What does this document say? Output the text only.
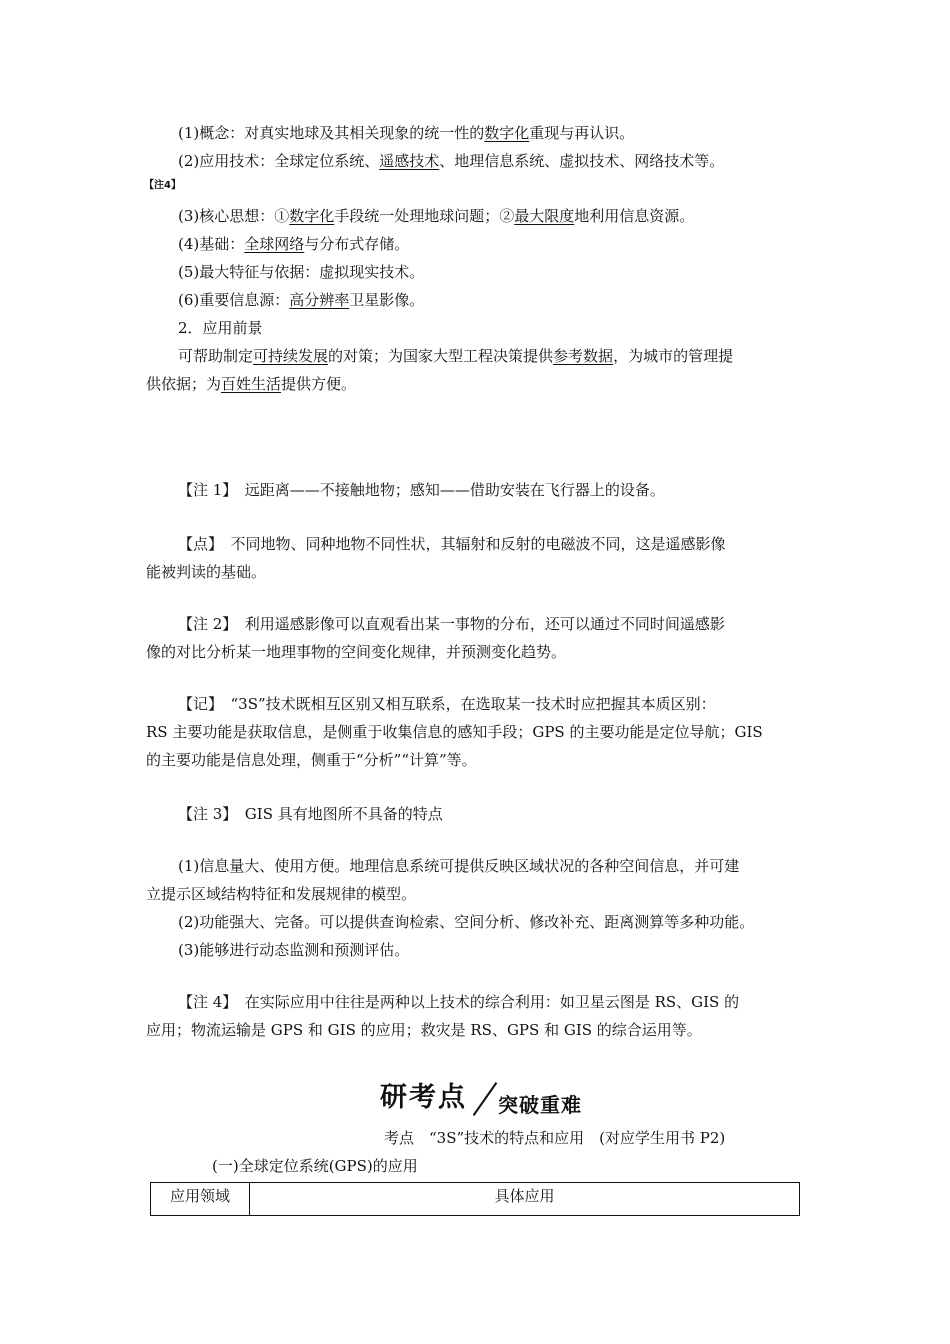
(1)概念：对真实地球及其相关现象的统一性的数字化重现与再认识。
(2)应用技术：全球定位系统、遥感技术、地理信息系统、虚拟技术、网络技术等。
【注4】
(3)核心思想：①数字化手段统一处理地球问题；②最大限度地利用信息资源。
(4)基础：全球网络与分布式存储。
(5)最大特征与依据：虚拟现实技术。
(6)重要信息源：高分辨率卫星影像。
2．应用前景
可帮助制定可持续发展的对策；为国家大型工程决策提供参考数据，为城市的管理提
供依据；为百姓生活提供方便。
【注 1】　远距离——不接触地物；感知——借助安装在飞行器上的设备。
【点】　不同地物、同种地物不同性状，其辐射和反射的电磁波不同，这是遥感影像
能被判读的基础。
【注 2】　利用遥感影像可以直观看出某一事物的分布，还可以通过不同时间遥感影
像的对比分析某一地理事物的空间变化规律，并预测变化趋势。
【记】　“3S”技术既相互区别又相互联系，在选取某一技术时应把握其本质区别：
RS 主要功能是获取信息，是侧重于收集信息的感知手段；GPS 的主要功能是定位导航；GIS
的主要功能是信息处理，侧重于“分析”“计算”等。
【注 3】　GIS 具有地图所不具备的特点
(1)信息量大、使用方便。地理信息系统可提供反映区域状况的各种空间信息，并可建
立提示区域结构特征和发展规律的模型。
(2)功能强大、完备。可以提供查询检索、空间分析、修改补充、距离测算等多种功能。
(3)能够进行动态监测和预测评估。
【注 4】　在实际应用中往往是两种以上技术的综合利用：如卫星云图是 RS、GIS 的
应用；物流运输是 GPS 和 GIS 的应用；救灾是 RS、GPS 和 GIS 的综合运用等。
研考点 突破重难
考点　“3S”技术的特点和应用　(对应学生用书 P2)
(一)全球定位系统(GPS)的应用
应用领域	具体应用
